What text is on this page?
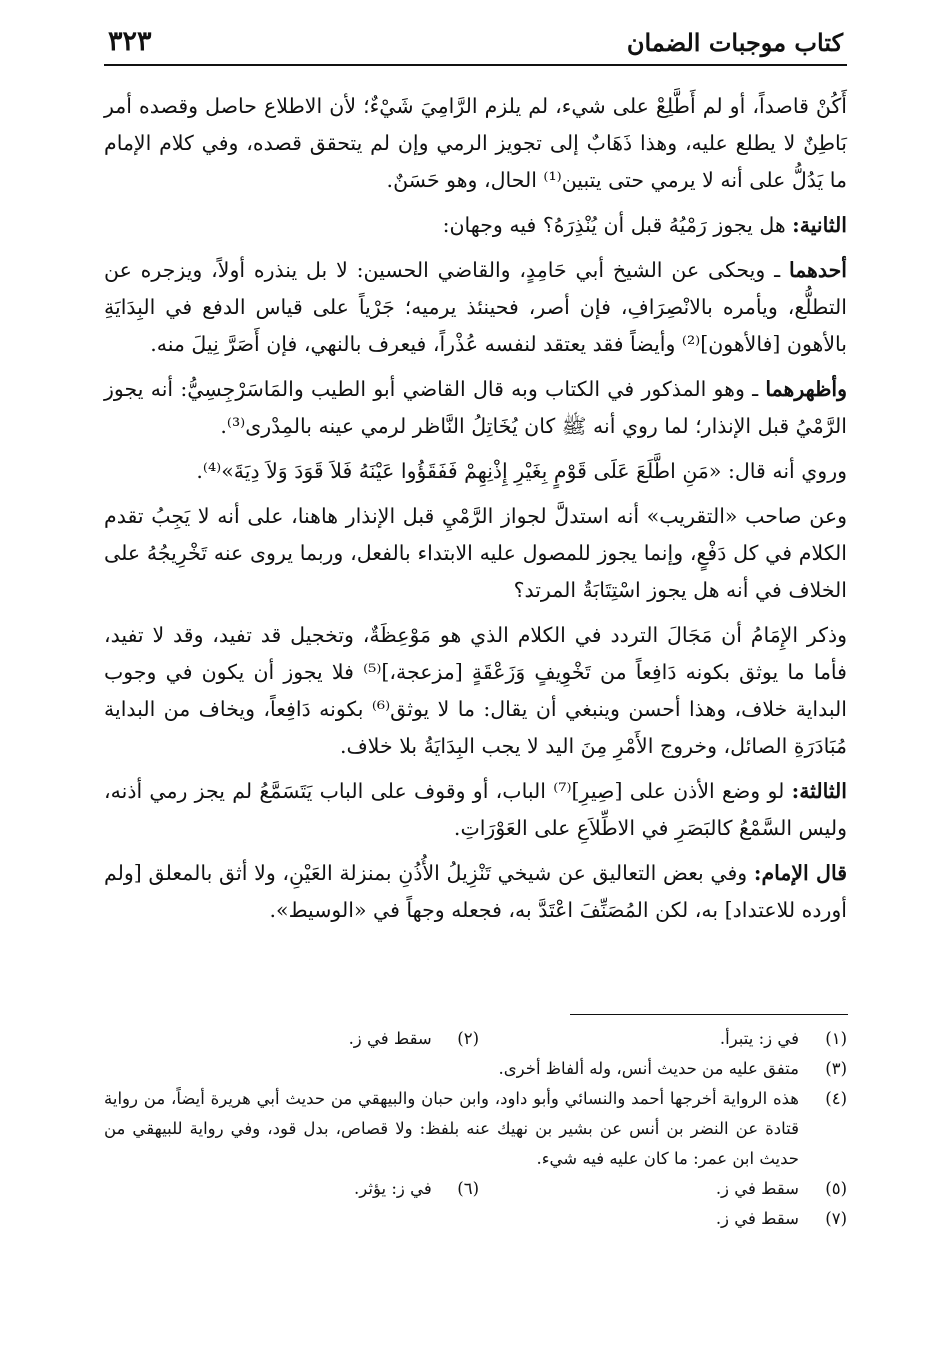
كتاب موجبات الضمان
٣٢٣

أَكُنْ قاصداً، أو لم أَطَّلِعْ على شيء، لم يلزم الرَّامِيَ شَيْءٌ؛ لأن الاطلاع حاصل وقصده أمر بَاطِنٌ لا يطلع عليه، وهذا ذَهَابٌ إلى تجويز الرمي وإن لم يتحقق قصده، وفي كلام الإمام ما يَدُلُّ على أنه لا يرمي حتى يتبين⁽¹⁾ الحال، وهو حَسَنٌ.

الثانية: هل يجوز رَمْيُهُ قبل أن يُنْذِرَهُ؟ فيه وجهان:

أحدهما ـ ويحكى عن الشيخ أبي حَامِدٍ، والقاضي الحسين: لا بل ينذره أولاً، ويزجره عن التطلُّع، ويأمره بالانْصِرَافِ، فإن أصر، فحينئذ يرميه؛ جَرْياً على قياس الدفع في البِدَايَةِ بالأهون [فالأهون]⁽²⁾ وأيضاً فقد يعتقد لنفسه عُذْراً، فيعرف بالنهي، فإن أَصَرَّ نِيلَ منه.

وأظهرهما ـ وهو المذكور في الكتاب وبه قال القاضي أبو الطيب والمَاسَرْجِسِيُّ: أنه يجوز الرَّمْيُ قبل الإنذار؛ لما روي أنه ﷺ كان يُخَاتِلُ النَّاظر لرمي عينه بالمِدْرى⁽³⁾.

وروي أنه قال: «مَنِ اطَّلَعَ عَلَى قَوْمٍ بِغَيْرِ إِذْنِهِمْ فَفَقَؤُوا عَيْنَهُ فَلاَ قَوَدَ وَلاَ دِيَةَ»⁽⁴⁾.

وعن صاحب «التقريب» أنه استدلَّ لجواز الرَّمْيِ قبل الإنذار هاهنا، على أنه لا يَجِبُ تقدم الكلام في كل دَفْعٍ، وإنما يجوز للمصول عليه الابتداء بالفعل، وربما يروى عنه تَخْرِيجُهُ على الخلاف في أنه هل يجوز اسْتِتَابَةُ المرتد؟

وذكر الإِمَامُ أن مَجَالَ التردد في الكلام الذي هو مَوْعِظَةٌ، وتخجيل قد تفيد، وقد لا تفيد، فأما ما يوثق بكونه دَافِعاً من تَخْوِيفٍ وَزَعْقَةٍ [مزعجة،]⁽⁵⁾ فلا يجوز أن يكون في وجوب البداية خلاف، وهذا أحسن وينبغي أن يقال: ما لا يوثق⁽⁶⁾ بكونه دَافِعاً، ويخاف من البداية مُبَادَرَةِ الصائل، وخروج الأَمْرِ مِنَ اليد لا يجب البِدَايَةُ بلا خلاف.

الثالثة: لو وضع الأذن على [صِيرِ]⁽⁷⁾ الباب، أو وقوف على الباب يَتَسَمَّعُ لم يجز رمي أذنه، وليس السَّمْعُ كالبَصَرِ في الاطِّلاَعِ على العَوْرَاتِ.

قال الإمام: وفي بعض التعاليق عن شيخي تَنْزِيلُ الأُذُنِ بمنزلة العَيْنِ، ولا أثق بالمعلق [ولم أورده للاعتداد] به، لكن المُصَنِّفَ اعْتَدَّ به، فجعله وجهاً في «الوسيط».

( ١ )
في ز: يتبرأ.
( ٢ ) سقط في ز.
( ٣ )
متفق عليه من حديث أنس، وله ألفاظ أخرى.
( ٤ )
هذه الرواية أخرجها أحمد والنسائي وأبو داود، وابن حبان والبيهقي من حديث أبي هريرة أيضاً، من رواية قتادة عن النضر بن أنس عن بشير بن نهيك عنه بلفظ: ولا قصاص، بدل قود، وفي رواية للبيهقي من حديث ابن عمر: ما كان عليه فيه شيء.
( ٥ )
سقط في ز.
( ٦ ) في ز: يؤثر.
( ٧ )
سقط في ز.
